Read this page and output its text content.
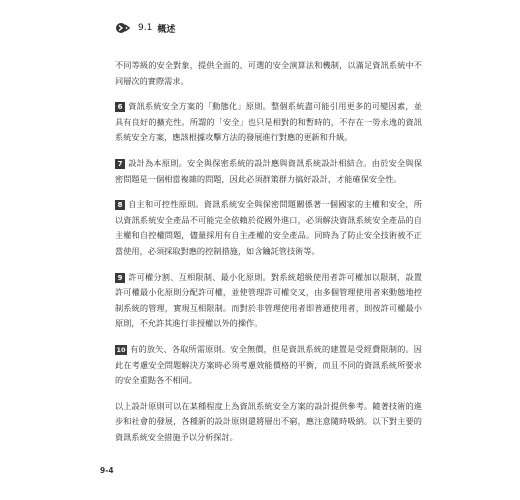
9.1 概述

不同等級的安全對象，提供全面的、可選的安全演算法和機制，以滿足資訊系統中不同層次的實際需求。

6 資訊系統安全方案的「動態化」原則。整個系統盡可能引用更多的可變因素，並具有良好的擴充性。所謂的「安全」也只是相對的和暫時的，不存在一勞永逸的資訊系統安全方案，應該根據攻擊方法的發展進行對應的更新和升級。

7 設計為本原則。安全與保密系統的設計應與資訊系統設計相結合。由於安全與保密問題是一個相當複雜的問題，因此必須群策群力搞好設計，才能確保安全性。

8 自主和可控性原則。資訊系統安全與保密問題關係著一個國家的主權和安全，所以資訊系統安全產品不可能完全依賴於從國外進口，必須解決資訊系統安全產品的自主權和自控權問題，儘量採用有自主產權的安全產品。同時為了防止安全技術被不正當使用，必須採取對應的控制措施，如含鑰託管技術等。

9 許可權分割、互相限制、最小化原則。對系統超級使用者許可權加以限制，設置許可權最小化原則分配許可權，並使管理許可權交叉，由多個管理使用者來動態地控制系統的管理，實現互相限制。而對於非管理使用者即普通使用者，則按許可權最小原則，不允許其進行非授權以外的操作。

10 有的放矢、各取所需原則。安全無價，但是資訊系統的建置是受經費限制的。因此在考慮安全問題解決方案時必須考慮效能價格的平衡，而且不同的資訊系統所要求的安全重點各不相同。

以上設計原則可以在某種程度上為資訊系統安全方案的設計提供參考。隨著技術的進步和社會的發展，各種新的設計原則還將層出不窮，應注意隨時吸納。以下對主要的資訊系統安全措施予以分析探討。

9-4
